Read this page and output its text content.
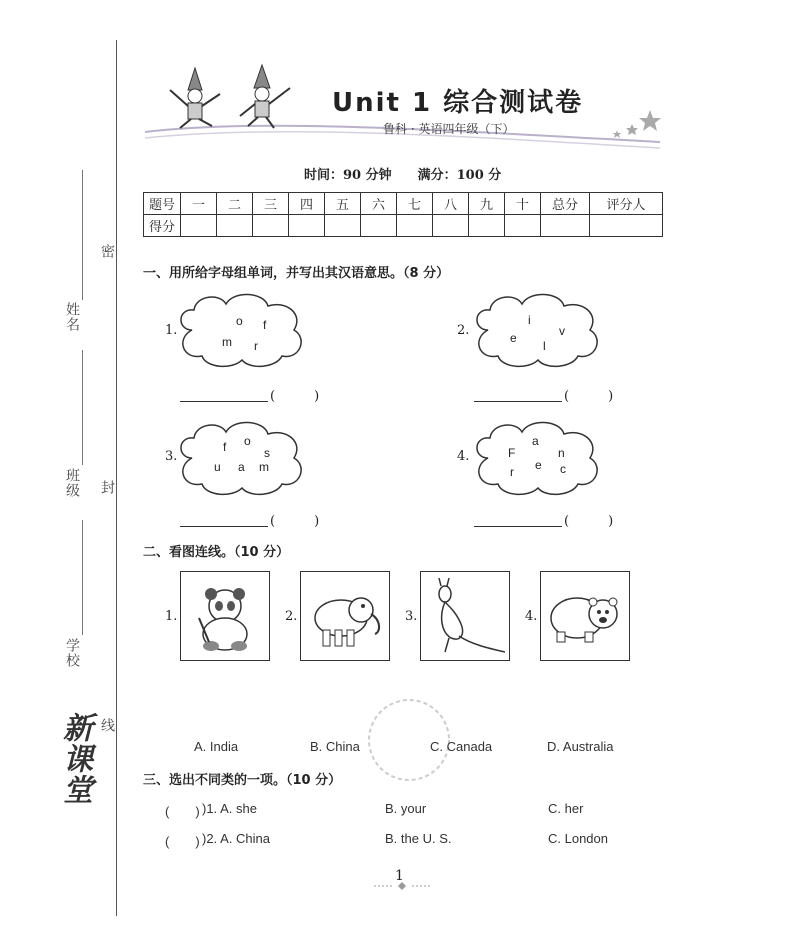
密
封
线
姓名
班级
学校
新课堂
Unit 1 综合测试卷
鲁科 · 英语四年级（下）
时间：90 分钟　　满分：100 分
题号	一	二	三	四	五	六	七	八	九	十	总分	评分人
得分												
一、用所给字母组单词，并写出其汉语意思。（8 分）
1.
o f
m r
2.
i
e	v
l
(　　　)	(　　　)
3.
f o
s
u a m
4.
a
F	n
r e c
(　　　)	(　　　)
二、看图连线。（10 分）
1.	2.	3.	4.
A. India	B. China	C. Canada	D. Australia
三、选出不同类的一项。（10 分）
(　　) )1. A. she	B. your	C. her
(　　) )2. A. China	B. the U. S.	C. London
1
